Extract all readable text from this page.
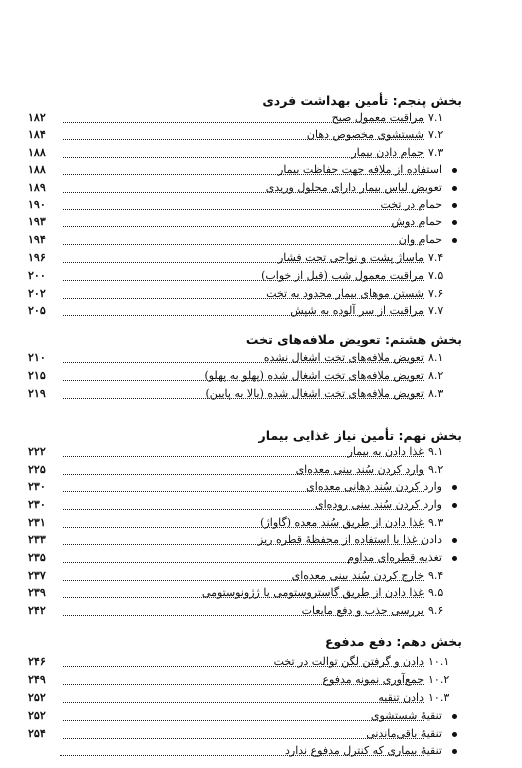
بخش پنجم: تأمین بهداشت فردی
۷.۱
مراقبت معمول صبح
۱۸۲
۷.۲
شستشوی مخصوص دهان
۱۸۴
۷.۳
حمام دادن بیمار
۱۸۸
استفاده از ملافه جهت حفاظت بیمار
۱۸۸
تعویض لباس بیمار دارای محلول وریدی
۱۸۹
حمام در تخت
۱۹۰
حمام دوش
۱۹۳
حمام وان
۱۹۴
۷.۴
ماساژ پشت و نواحی تحت فشار
۱۹۶
۷.۵
مراقبت معمول شب (قبل از خواب)
۲۰۰
۷.۶
شستن موهای بیمار محدود به تخت
۲۰۲
۷.۷
مراقبت از سر آلوده به شپش
۲۰۵
بخش هشتم: تعویض ملافه‌های تخت
۸.۱
تعویض ملافه‌های تخت اشغال نشده
۲۱۰
۸.۲
تعویض ملافه‌های تخت اشغال شده (پهلو به پهلو)
۲۱۵
۸.۳
تعویض ملافه‌های تخت اشغال شده (بالا به پایین)
۲۱۹
بخش نهم: تأمین نیاز غذایی بیمار
۹.۱
غذا دادن به بیمار
۲۲۲
۹.۲
وارد کردن سُند بینی معده‌ای
۲۲۵
وارد کردن سُند دهانی معده‌ای
۲۳۰
وارد کردن سُند بینی روده‌ای
۲۳۰
۹.۳
غذا دادن از طریق سُند معده (گاواژ)
۲۳۱
دادن غذا با استفاده از محفظهٔ قطره ریز
۲۳۳
تغذیه قطره‌ای مداوم
۲۳۵
۹.۴
خارج کردن سُند بینی معده‌ای
۲۳۷
۹.۵
غذا دادن از طریق گاستروستومی یا ژژونوستومی
۲۳۹
۹.۶
بررسی جذب و دفع مایعات
۲۴۲
بخش دهم: دفع مدفوع
۱۰.۱
دادن و گرفتن لگن توالت در تخت
۲۴۶
۱۰.۲
جمع‌آوری نمونه مدفوع
۲۴۹
۱۰.۳
دادن تنقیه
۲۵۲
تنقیهٔ شستشوی
۲۵۲
تنقیهٔ باقی‌ماندنی
۲۵۴
تنقیهٔ بیماری که کنترل مدفوع ندارد
